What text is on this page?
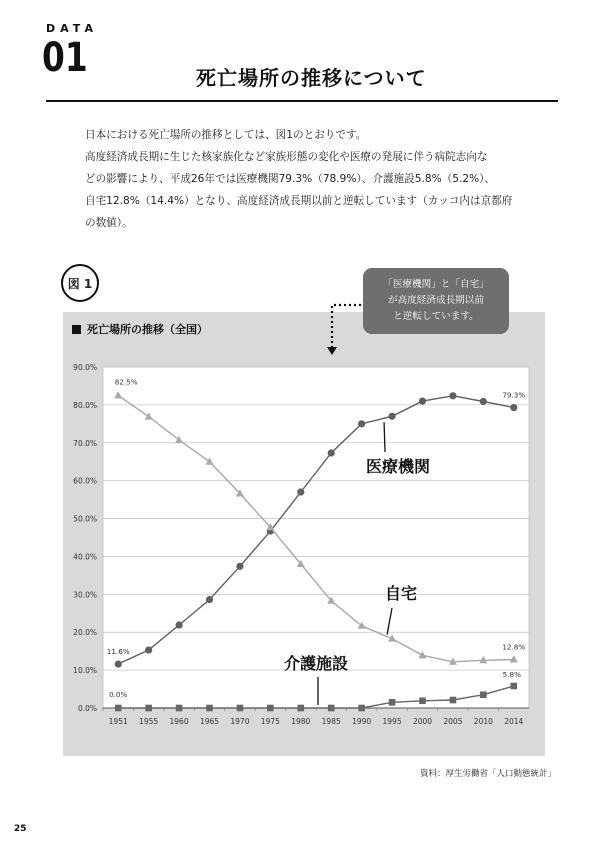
DATA
01	死亡場所の推移について

日本における死亡場所の推移としては、図1のとおりです。

高度経済成長期に生じた核家族化など家族形態の変化や医療の発展に伴う病院志向な

どの影響により、平成26年では医療機関79.3%（78.9%）、介護施設5.8%（5.2%）、

自宅12.8%（14.4%）となり、高度経済成長期以前と逆転しています（カッコ内は京都府

の数値）。

死亡場所の推移（全国）
図 1	「医療機関」と「自宅」
が高度経済成長期以前
と逆転しています。
0.0%
10.0%
20.0%
30.0%
40.0%
50.0%
60.0%
70.0%
80.0%
90.0%
1951 1955 1960 1965 1970 1975 1980 1985 1990 1995 2000 2005 2010 2014
11.6%
79.3%
82.5%
12.8%
0.0%
5.8%
医療機関
自宅
介護施設
資料：厚生労働省「人口動態統計」
25
